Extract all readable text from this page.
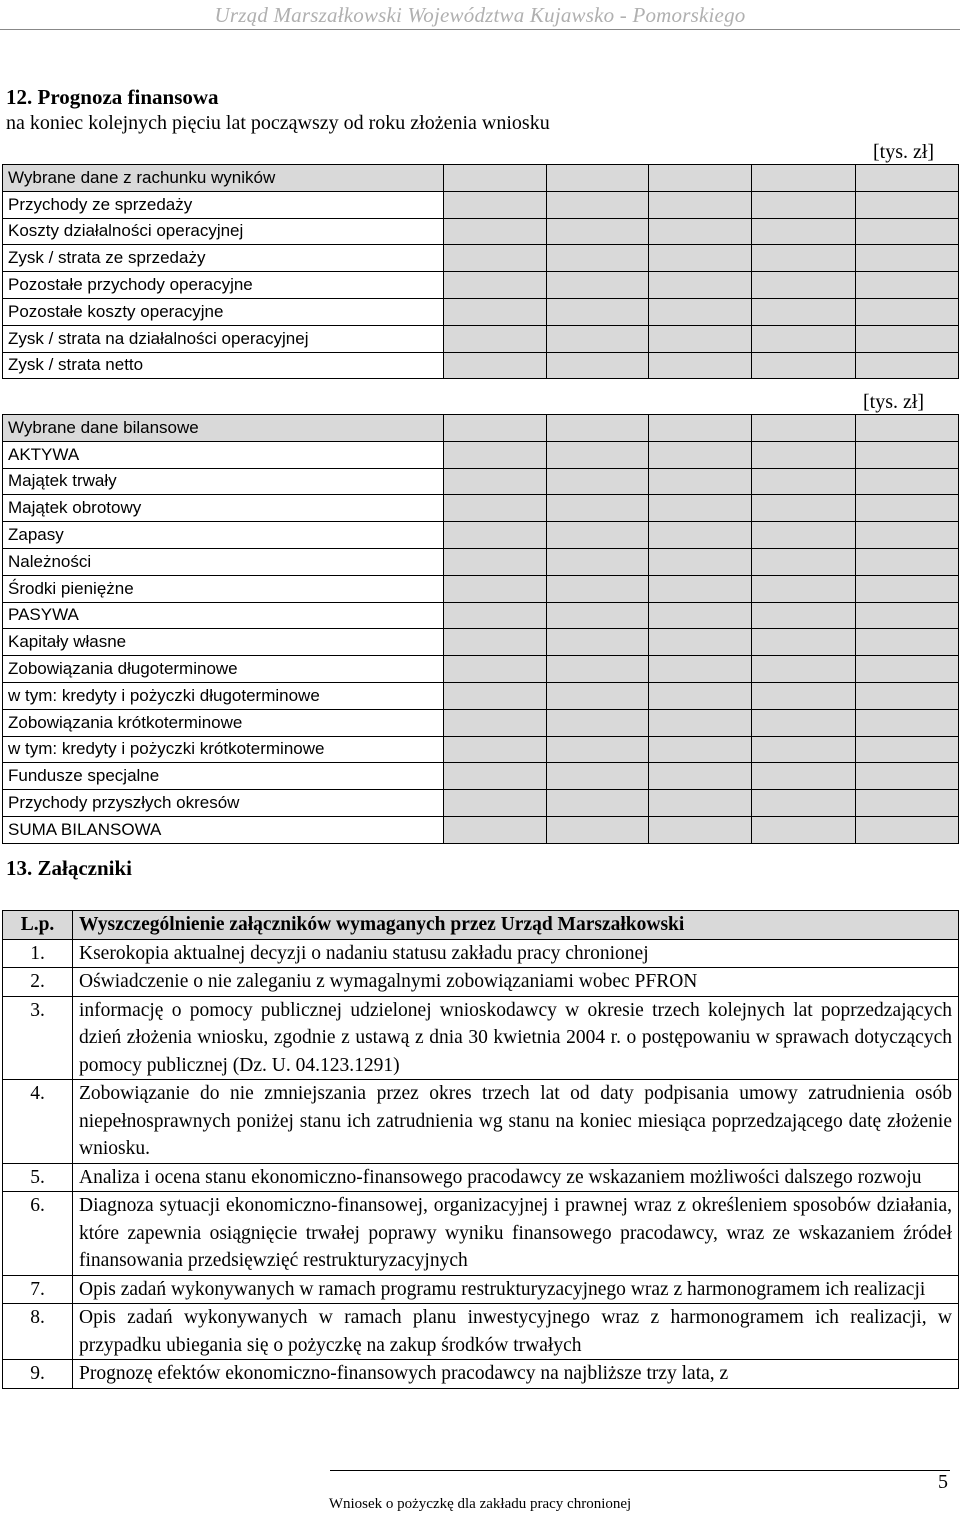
Urząd Marszałkowski Województwa Kujawsko - Pomorskiego
12. Prognoza finansowa
na koniec kolejnych pięciu lat począwszy od roku złożenia wniosku
[tys. zł]
Wybrane dane z rachunku wyników					
Przychody ze sprzedaży					
Koszty działalności operacyjnej					
Zysk / strata ze sprzedaży					
Pozostałe przychody operacyjne					
Pozostałe koszty operacyjne					
Zysk / strata na działalności operacyjnej					
Zysk / strata netto					
[tys. zł]
Wybrane dane bilansowe					
AKTYWA					
Majątek trwały					
Majątek obrotowy					
Zapasy					
Należności					
Środki pieniężne					
PASYWA					
Kapitały własne					
Zobowiązania długoterminowe					
w tym: kredyty i pożyczki długoterminowe					
Zobowiązania krótkoterminowe					
w tym: kredyty i pożyczki krótkoterminowe					
Fundusze specjalne					
Przychody przyszłych okresów					
SUMA BILANSOWA					
13. Załączniki
L.p.	Wyszczególnienie załączników wymaganych przez Urząd Marszałkowski
1.	Kserokopia aktualnej decyzji o nadaniu statusu zakładu pracy chronionej
2.	Oświadczenie o nie zaleganiu z wymagalnymi zobowiązaniami wobec PFRON
3.	informację o pomocy publicznej udzielonej wnioskodawcy w okresie trzech kolejnych lat poprzedzających dzień złożenia wniosku, zgodnie z ustawą z dnia 30 kwietnia 2004 r. o postępowaniu w sprawach dotyczących pomocy publicznej (Dz. U. 04.123.1291)
4.	Zobowiązanie do nie zmniejszania przez okres trzech lat od daty podpisania umowy zatrudnienia osób niepełnosprawnych poniżej stanu ich zatrudnienia wg stanu na koniec miesiąca poprzedzającego datę złożenie wniosku.
5.	Analiza i ocena stanu ekonomiczno-finansowego pracodawcy ze wskazaniem możliwości dalszego rozwoju
6.	Diagnoza sytuacji ekonomiczno-finansowej, organizacyjnej i prawnej wraz z określeniem sposobów działania, które zapewnia osiągnięcie trwałej poprawy wyniku finansowego pracodawcy, wraz ze wskazaniem źródeł finansowania przedsięwzięć restrukturyzacyjnych
7.	Opis zadań wykonywanych w ramach programu restrukturyzacyjnego wraz z harmonogramem ich realizacji
8.	Opis zadań wykonywanych w ramach planu inwestycyjnego wraz z harmonogramem ich realizacji, w przypadku ubiegania się o pożyczkę na zakup środków trwałych
9.	Prognozę efektów ekonomiczno-finansowych pracodawcy na najbliższe trzy lata, z
5
Wniosek o pożyczkę dla zakładu pracy chronionej
